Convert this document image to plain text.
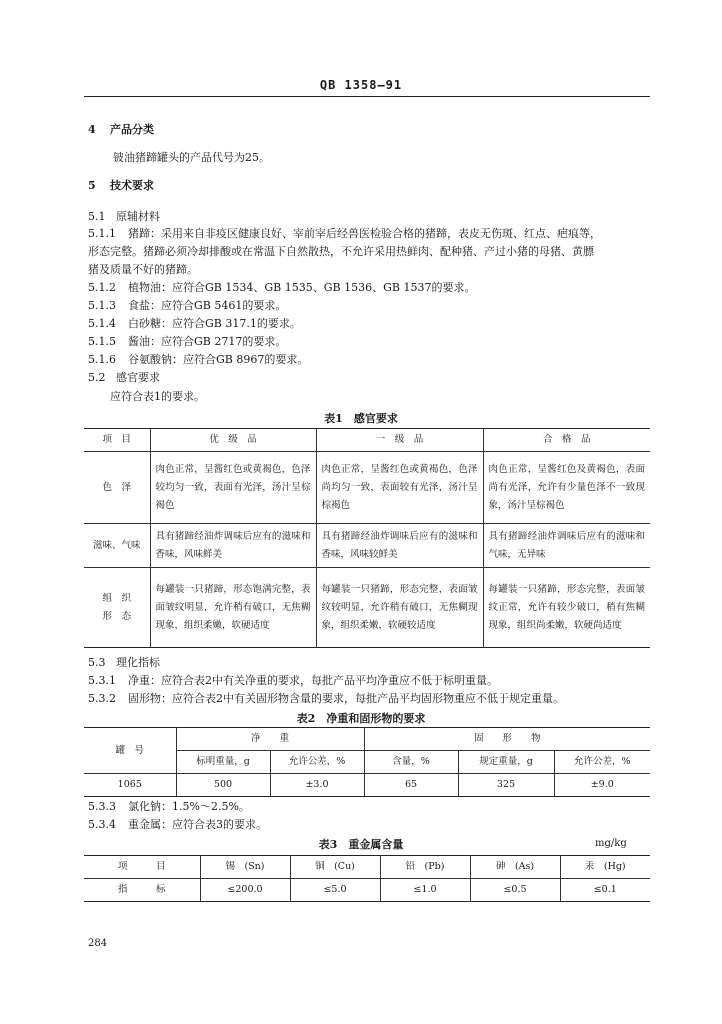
QB 1358—91
4 产品分类
铍油猪蹄罐头的产品代号为25。
5 技术要求
5.1 原辅材料
5.1.1 猪蹄：采用来自非疫区健康良好、宰前宰后经兽医检验合格的猪蹄，表皮无伤斑、红点、疤痕等，
形态完整。猪蹄必须冷却排酸或在常温下自然散热，不允许采用热鲜肉、配种猪、产过小猪的母猪、黄膘
猪及质量不好的猪蹄。
5.1.2 植物油：应符合GB 1534、GB 1535、GB 1536、GB 1537的要求。
5.1.3 食盐：应符合GB 5461的要求。
5.1.4 白砂糖：应符合GB 317.1的要求。
5.1.5 酱油：应符合GB 2717的要求。
5.1.6 谷氨酸钠：应符合GB 8967的要求。
5.2 感官要求
应符合表1的要求。
表1　感官要求
项　目	优　级　品	一　级　品	合　格　品
色　泽	肉色正常，呈酱红色或黄褐色，色泽较均匀一致，表面有光泽，汤汁呈棕褐色	肉色正常，呈酱红色或黄褐色，色泽尚均匀一致，表面较有光泽，汤汁呈棕褐色	肉色正常，呈酱红色及黄褐色，表面尚有光泽，允许有少量色泽不一致现象，汤汁呈棕褐色
滋味、气味	具有猪蹄经油炸调味后应有的滋味和香味，风味鲜美	具有猪蹄经油炸调味后应有的滋味和香味，风味较鲜美	具有猪蹄经油炸调味后应有的滋味和气味，无异味
组　织
形　态	每罐装一只猪蹄，形态饱满完整，表面皱纹明显，允许稍有破口，无焦糊现象，组织柔嫩，软硬适度	每罐装一只猪蹄，形态完整，表面皱纹较明显，允许稍有破口，无焦糊现象，组织柔嫩，软硬较适度	每罐装一只猪蹄，形态完整，表面皱纹正常，允许有较少破口，稍有焦糊现象，组织尚柔嫩，软硬尚适度
5.3 理化指标
5.3.1 净重：应符合表2中有关净重的要求，每批产品平均净重应不低于标明重量。
5.3.2 固形物：应符合表2中有关固形物含量的要求，每批产品平均固形物重应不低于规定重量。
表2　净重和固形物的要求
罐　号	净　　重		固　　形　　物		
	标明重量，g	允许公差，%	含量，%	规定重量，g	允许公差，%
1065	500	±3.0	65	325	±9.0
5.3.3 氯化钠：1.5%～2.5%。
5.3.4 重金属：应符合表3的要求。
表3　重金属含量	mg/kg
项　　　目	锡　(Sn)	铜　(Cu)	铅　(Pb)	砷　(As)	汞　(Hg)
指　　　标	≤200.0	≤5.0	≤1.0	≤0.5	≤0.1
284
